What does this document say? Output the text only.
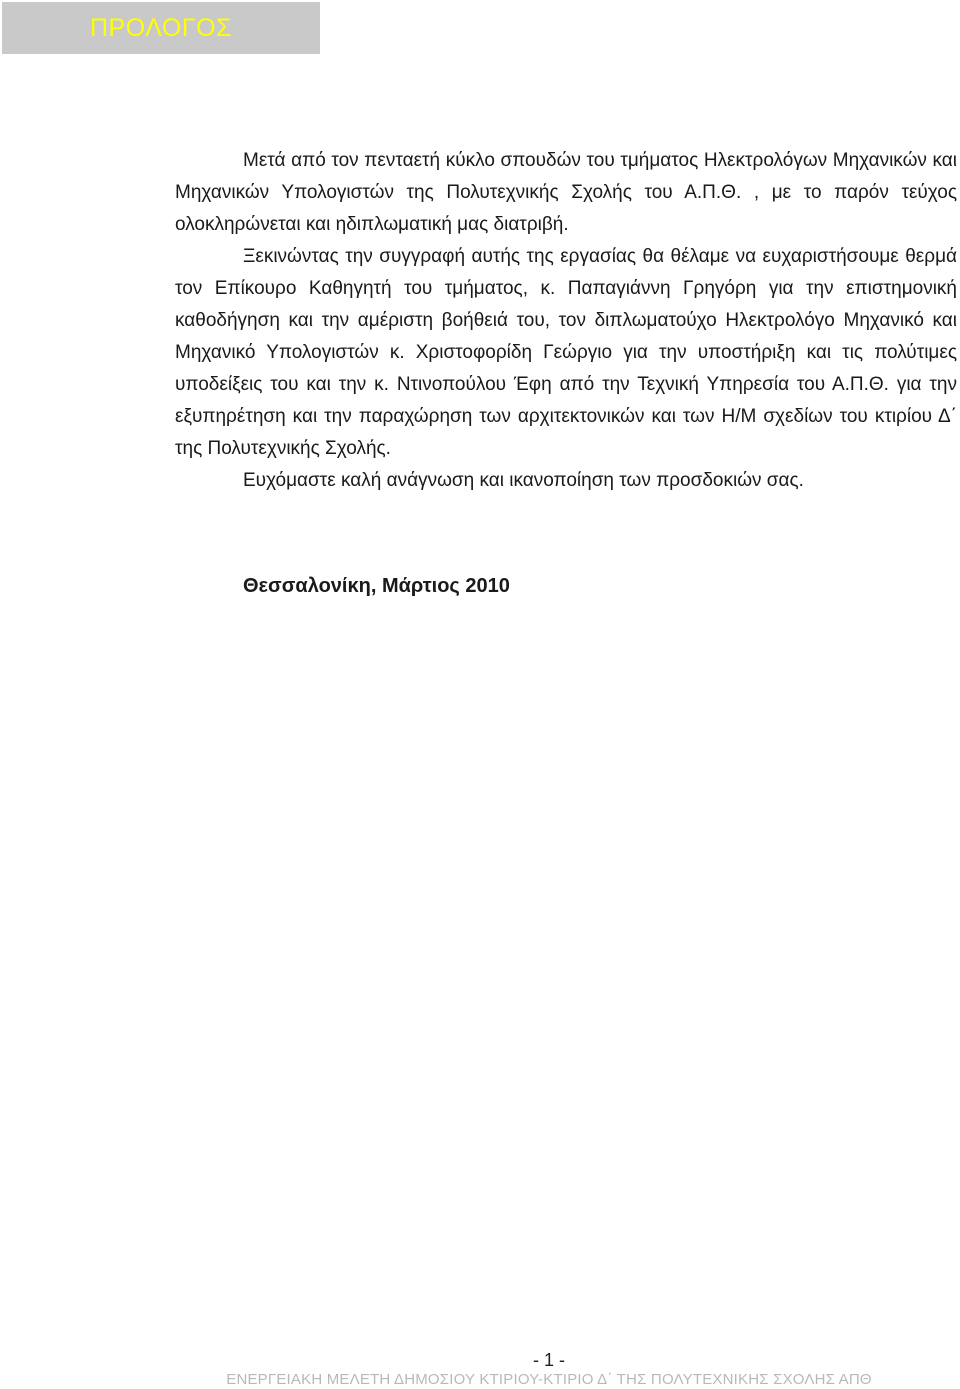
ΠΡΟΛΟΓΟΣ

Μετά από τον πενταετή κύκλο σπουδών του τμήματος Ηλεκτρολόγων Μηχανικών και Μηχανικών Υπολογιστών της Πολυτεχνικής Σχολής του Α.Π.Θ. , με το παρόν τεύχος ολοκληρώνεται και ηδιπλωματική μας διατριβή.

Ξεκινώντας την συγγραφή αυτής της εργασίας θα θέλαμε να ευχαριστήσουμε θερμά τον Επίκουρο Καθηγητή του τμήματος, κ. Παπαγιάννη Γρηγόρη για την επιστημονική καθοδήγηση και την αμέριστη βοήθειά του, τον διπλωματούχο Ηλεκτρολόγο Μηχανικό και Μηχανικό Υπολογιστών κ. Χριστοφορίδη Γεώργιο για την υποστήριξη και τις πολύτιμες υποδείξεις του και την κ. Ντινοπούλου Έφη από την Τεχνική Υπηρεσία του Α.Π.Θ. για την εξυπηρέτηση και την παραχώρηση των αρχιτεκτονικών και των Η/Μ σχεδίων του κτιρίου Δ΄ της Πολυτεχνικής Σχολής.

Ευχόμαστε καλή ανάγνωση και ικανοποίηση των προσδοκιών σας.

Θεσσαλονίκη, Μάρτιος 2010
- 1 -
ΕΝΕΡΓΕΙΑΚΗ ΜΕΛΕΤΗ ΔΗΜΟΣΙΟΥ ΚΤΙΡΙΟΥ-ΚΤΙΡΙΟ Δ΄ ΤΗΣ ΠΟΛΥΤΕΧΝΙΚΗΣ ΣΧΟΛΗΣ ΑΠΘ
